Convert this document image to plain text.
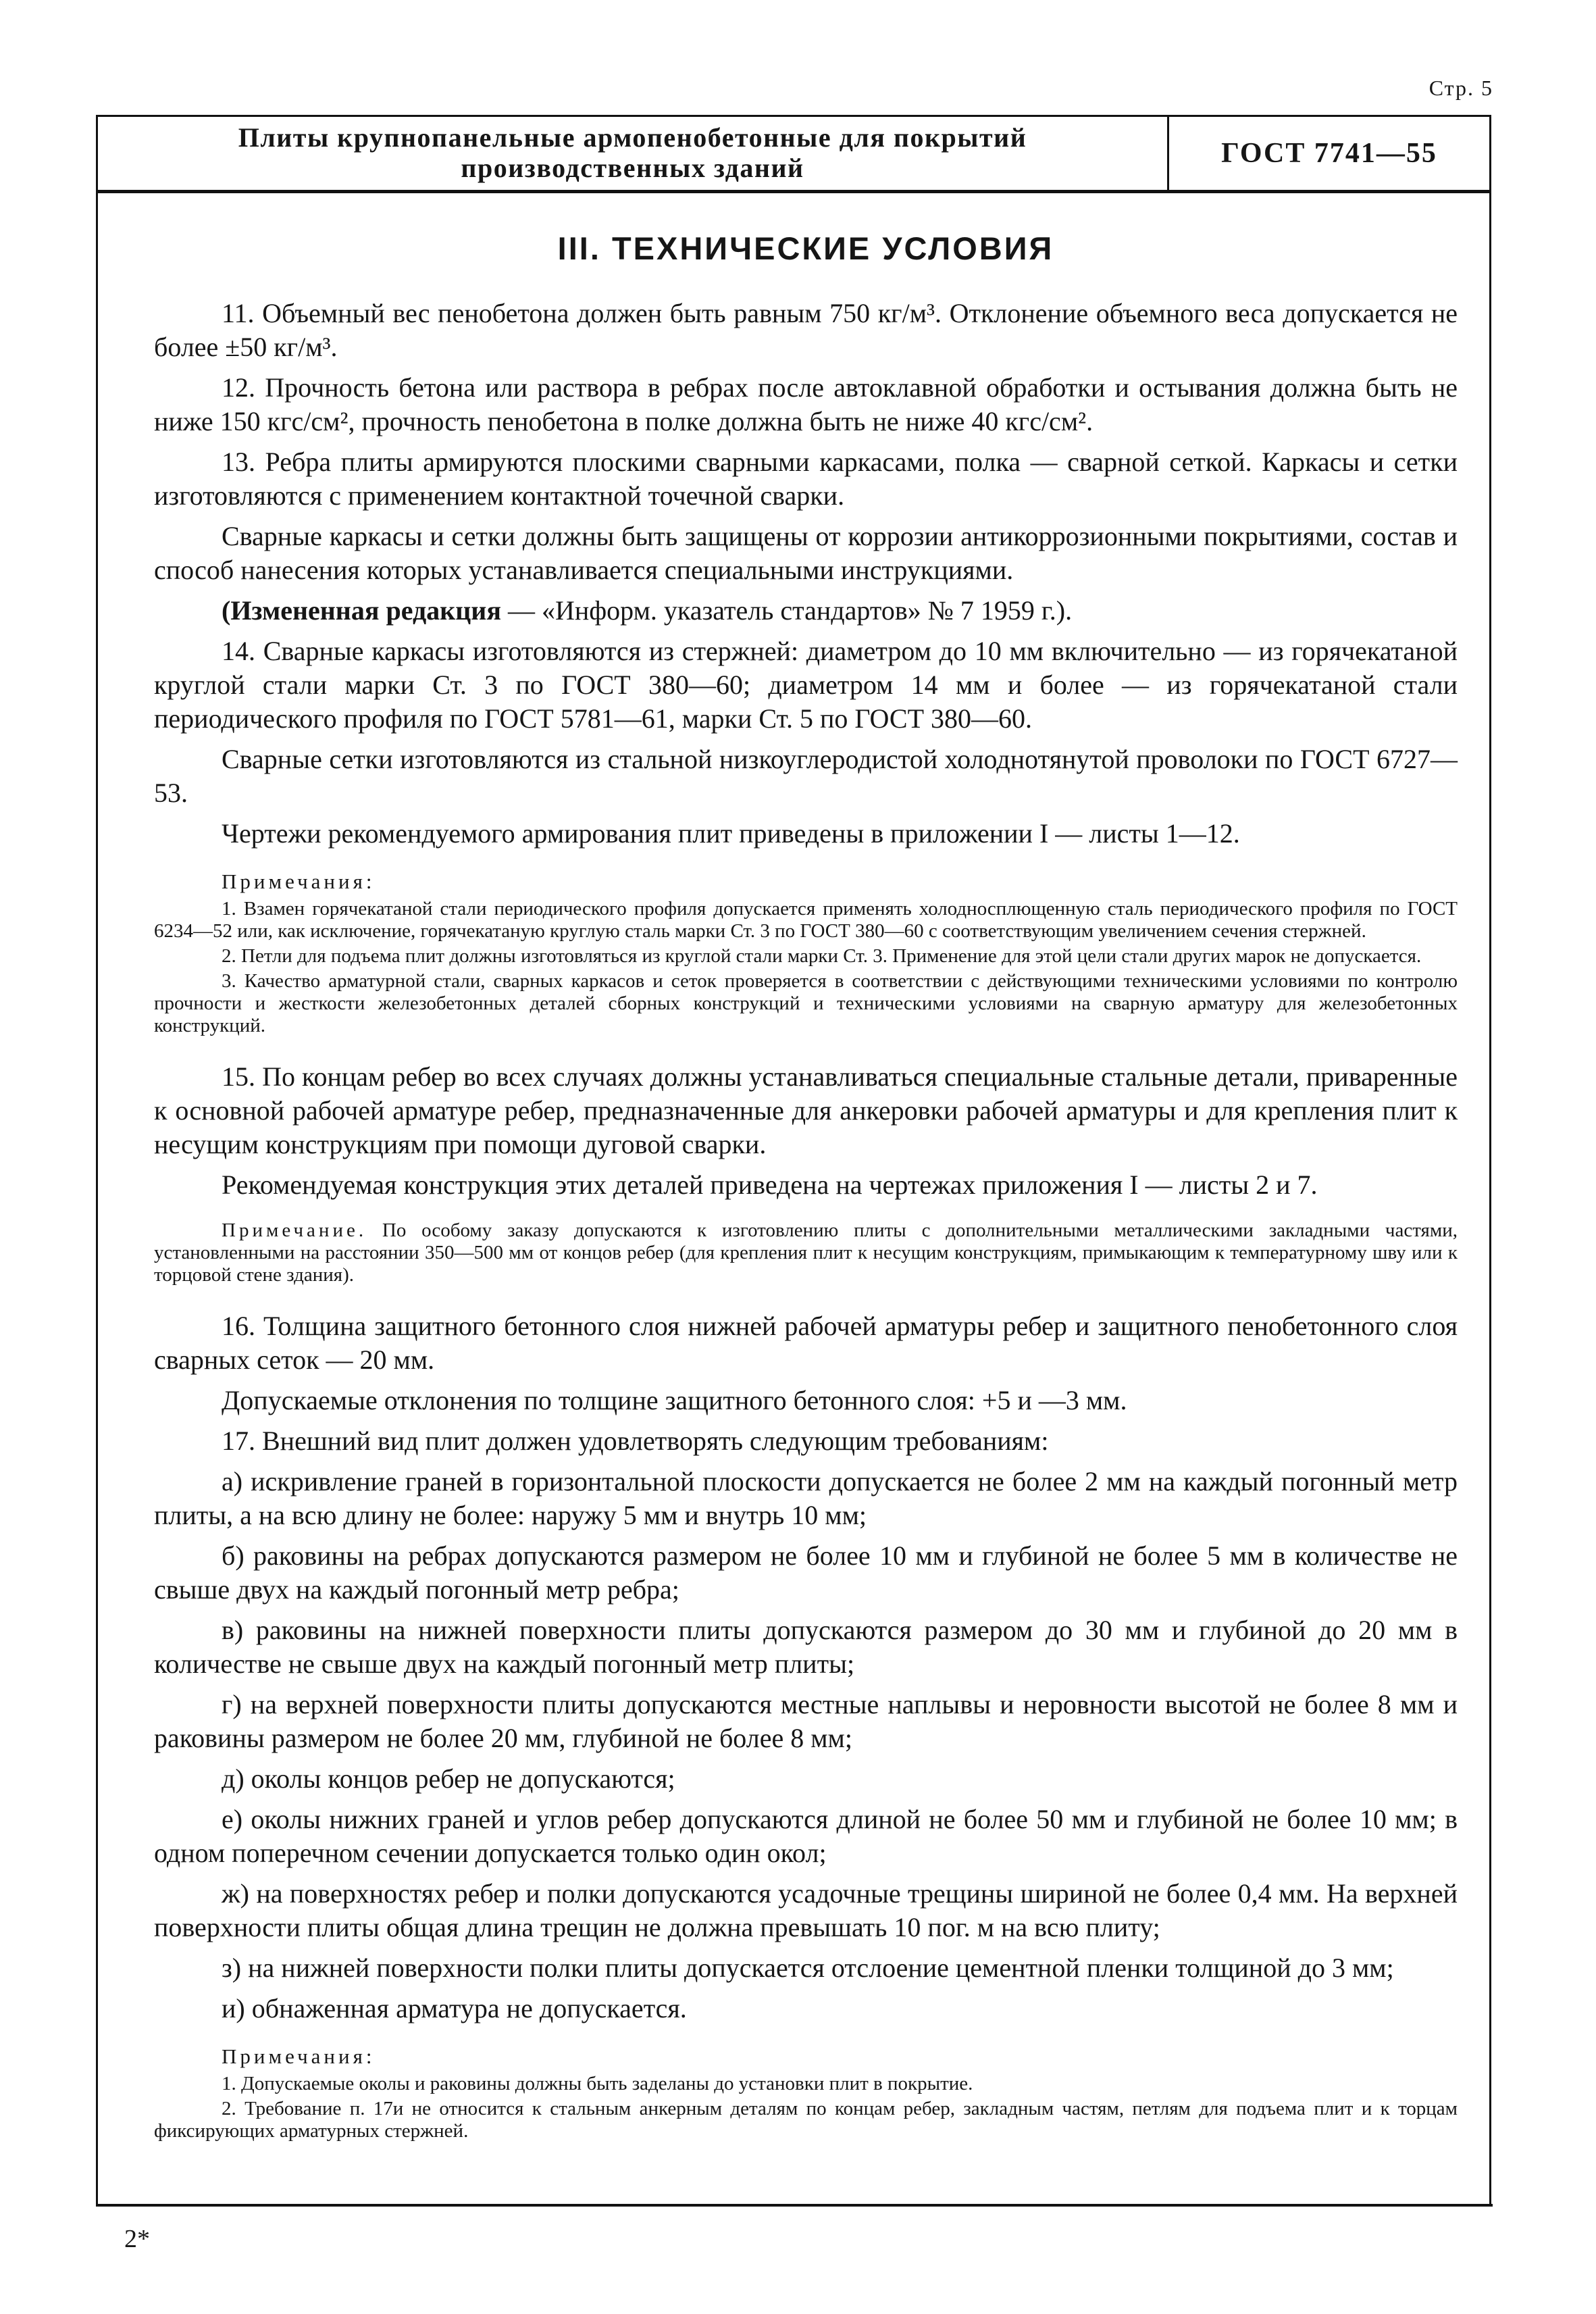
Стр. 5
Плиты крупнопанельные армопенобетонные для покрытий
производственных зданий	ГОСТ 7741—55
III. ТЕХНИЧЕСКИЕ УСЛОВИЯ

11. Объемный вес пенобетона должен быть равным 750 кг/м³. Отклонение объемного веса допускается не более ±50 кг/м³.

12. Прочность бетона или раствора в ребрах после автоклавной обработки и остывания должна быть не ниже 150 кгс/см², прочность пенобетона в полке должна быть не ниже 40 кгс/см².

13. Ребра плиты армируются плоскими сварными каркасами, полка — сварной сеткой. Каркасы и сетки изготовляются с применением контактной точечной сварки.

Сварные каркасы и сетки должны быть защищены от коррозии антикоррозионными покрытиями, состав и способ нанесения которых устанавливается специальными инструкциями.

(Измененная редакция — «Информ. указатель стандартов» № 7 1959 г.).

14. Сварные каркасы изготовляются из стержней: диаметром до 10 мм включительно — из горячекатаной круглой стали марки Ст. 3 по ГОСТ 380—60; диаметром 14 мм и более — из горячекатаной стали периодического профиля по ГОСТ 5781—61, марки Ст. 5 по ГОСТ 380—60.

Сварные сетки изготовляются из стальной низкоуглеродистой холоднотянутой проволоки по ГОСТ 6727—53.

Чертежи рекомендуемого армирования плит приведены в приложении I — листы 1—12.

Примечания:

1. Взамен горячекатаной стали периодического профиля допускается применять холодносплющенную сталь периодического профиля по ГОСТ 6234—52 или, как исключение, горячекатаную круглую сталь марки Ст. 3 по ГОСТ 380—60 с соответствующим увеличением сечения стержней.

2. Петли для подъема плит должны изготовляться из круглой стали марки Ст. 3. Применение для этой цели стали других марок не допускается.

3. Качество арматурной стали, сварных каркасов и сеток проверяется в соответствии с действующими техническими условиями по контролю прочности и жесткости железобетонных деталей сборных конструкций и техническими условиями на сварную арматуру для железобетонных конструкций.

15. По концам ребер во всех случаях должны устанавливаться специальные стальные детали, приваренные к основной рабочей арматуре ребер, предназначенные для анкеровки рабочей арматуры и для крепления плит к несущим конструкциям при помощи дуговой сварки.

Рекомендуемая конструкция этих деталей приведена на чертежах приложения I — листы 2 и 7.

Примечание. По особому заказу допускаются к изготовлению плиты с дополнительными металлическими закладными частями, установленными на расстоянии 350—500 мм от концов ребер (для крепления плит к несущим конструкциям, примыкающим к температурному шву или к торцовой стене здания).

16. Толщина защитного бетонного слоя нижней рабочей арматуры ребер и защитного пенобетонного слоя сварных сеток — 20 мм.

Допускаемые отклонения по толщине защитного бетонного слоя: +5 и —3 мм.

17. Внешний вид плит должен удовлетворять следующим требованиям:

а) искривление граней в горизонтальной плоскости допускается не более 2 мм на каждый погонный метр плиты, а на всю длину не более: наружу 5 мм и внутрь 10 мм;

б) раковины на ребрах допускаются размером не более 10 мм и глубиной не более 5 мм в количестве не свыше двух на каждый погонный метр ребра;

в) раковины на нижней поверхности плиты допускаются размером до 30 мм и глубиной до 20 мм в количестве не свыше двух на каждый погонный метр плиты;

г) на верхней поверхности плиты допускаются местные наплывы и неровности высотой не более 8 мм и раковины размером не более 20 мм, глубиной не более 8 мм;

д) околы концов ребер не допускаются;

е) околы нижних граней и углов ребер допускаются длиной не более 50 мм и глубиной не более 10 мм; в одном поперечном сечении допускается только один окол;

ж) на поверхностях ребер и полки допускаются усадочные трещины шириной не более 0,4 мм. На верхней поверхности плиты общая длина трещин не должна превышать 10 пог. м на всю плиту;

з) на нижней поверхности полки плиты допускается отслоение цементной пленки толщиной до 3 мм;

и) обнаженная арматура не допускается.

Примечания:

1. Допускаемые околы и раковины должны быть заделаны до установки плит в покрытие.

2. Требование п. 17и не относится к стальным анкерным деталям по концам ребер, закладным частям, петлям для подъема плит и к торцам фиксирующих арматурных стержней.

2*
